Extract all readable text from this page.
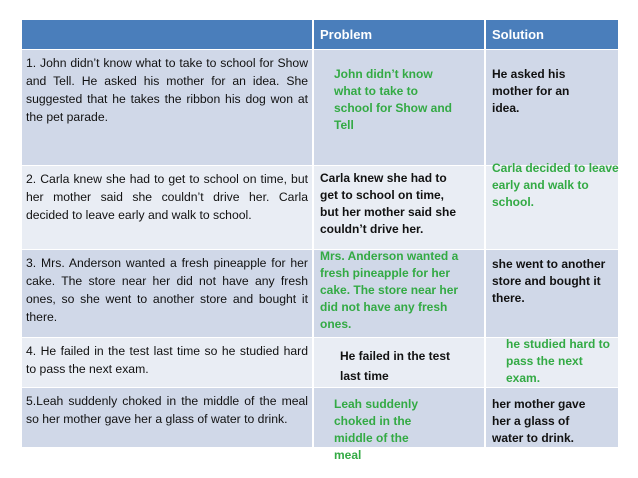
Problem	Solution

1. John didn’t know what to take to school for Show and Tell. He asked his mother for an idea. She suggested that he takes the ribbon his dog won at the pet parade.

John didn’t know what to take to school for Show and Tell

He asked his mother for an idea.

2. Carla knew she had to get to school on time, but her mother said she couldn’t drive her. Carla decided to leave early and walk to school.

Carla knew she had to get to school on time, but her mother said she couldn’t drive her.

Carla decided to leave early and walk to school.

3. Mrs. Anderson wanted a fresh pineapple for her cake. The store near her did not have any fresh ones, so she went to another store and bought it there.

Mrs. Anderson wanted a fresh pineapple for her cake. The store near her did not have any fresh ones.

she went to another store and bought it there.

4. He failed in the test last time so he studied hard to pass the next exam.

He failed in the test last time

he studied hard to pass the next exam.

5.Leah suddenly choked in the middle of the meal so her mother gave her a glass of water to drink.

Leah suddenly choked in the middle of the meal

her mother gave her a glass of water to drink.
